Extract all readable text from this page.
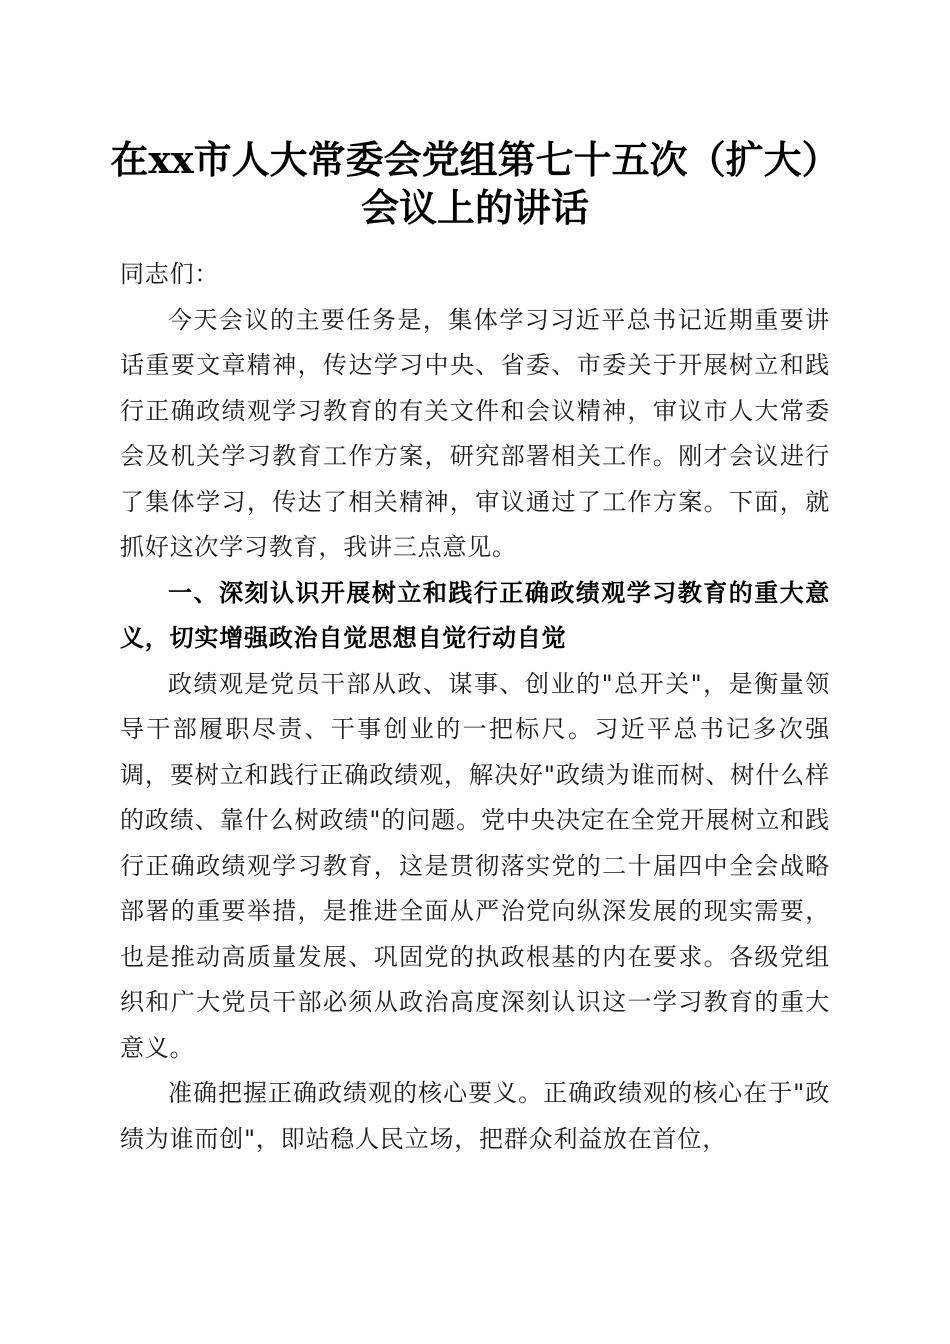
在xx市人大常委会党组第七十五次（扩大）
会议上的讲话

同志们：

今天会议的主要任务是，集体学习习近平总书记近期重要讲话重要文章精神，传达学习中央、省委、市委关于开展树立和践行正确政绩观学习教育的有关文件和会议精神，审议市人大常委会及机关学习教育工作方案，研究部署相关工作。刚才会议进行了集体学习，传达了相关精神，审议通过了工作方案。下面，就抓好这次学习教育，我讲三点意见。

一、深刻认识开展树立和践行正确政绩观学习教育的重大意义，切实增强政治自觉思想自觉行动自觉

政绩观是党员干部从政、谋事、创业的"总开关"，是衡量领导干部履职尽责、干事创业的一把标尺。习近平总书记多次强调，要树立和践行正确政绩观，解决好"政绩为谁而树、树什么样的政绩、靠什么树政绩"的问题。党中央决定在全党开展树立和践行正确政绩观学习教育，这是贯彻落实党的二十届四中全会战略部署的重要举措，是推进全面从严治党向纵深发展的现实需要，也是推动高质量发展、巩固党的执政根基的内在要求。各级党组织和广大党员干部必须从政治高度深刻认识这一学习教育的重大意义。

准确把握正确政绩观的核心要义。正确政绩观的核心在于"政绩为谁而创"，即站稳人民立场，把群众利益放在首位，
